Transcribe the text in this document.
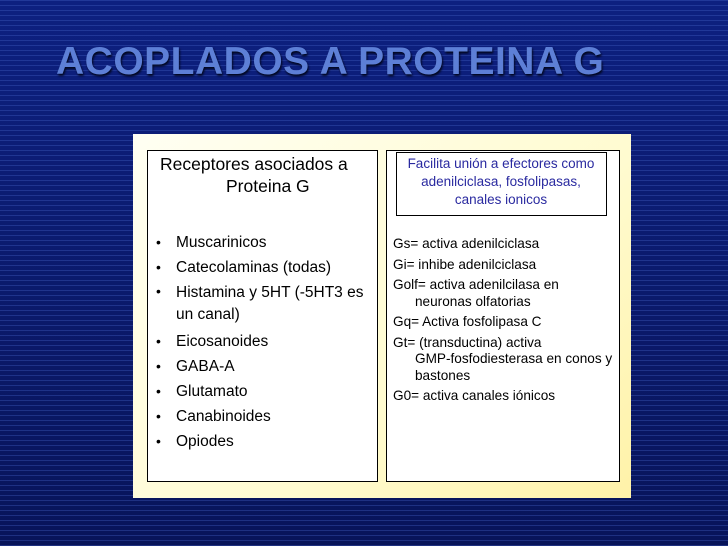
ACOPLADOS A PROTEINA G
Receptores asociados a
Proteina G
• Muscarinicos
• Catecolaminas (todas)
• Histamina y 5HT (-5HT3 es un canal)
• Eicosanoides
• GABA-A
• Glutamato
• Canabinoides
• Opiodes
Facilita unión a efectores como adenilciclasa, fosfolipasas, canales ionicos
Gs= activa adenilciclasa
Gi= inhibe adenilciclasa
Golf= activa adenilcilasa en
neuronas olfatorias
Gq= Activa fosfolipasa C
Gt= (transductina) activa
GMP-fosfodiesterasa en conos y bastones
G0= activa canales iónicos
